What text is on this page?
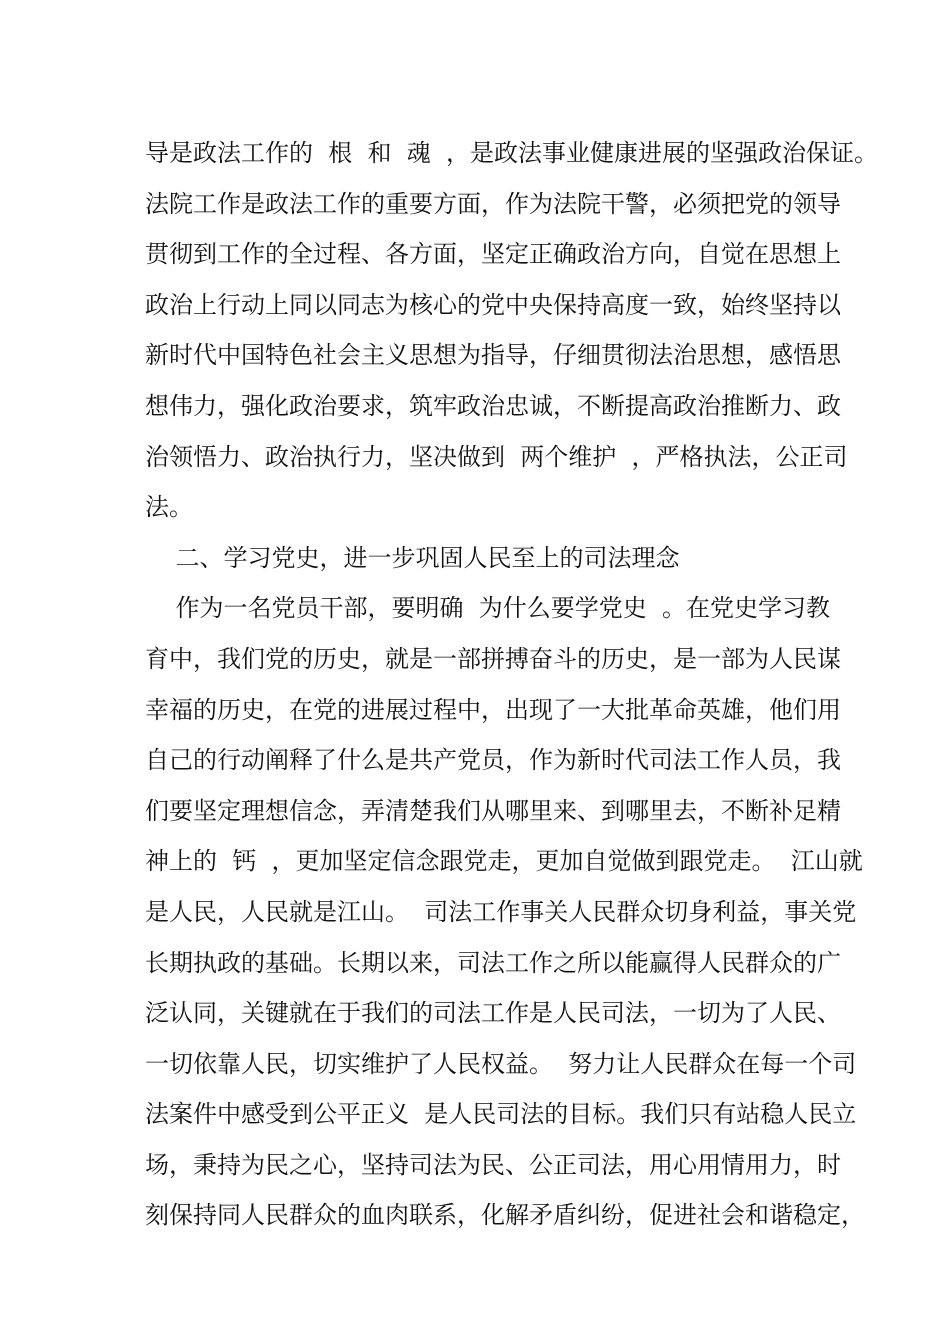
导是政法工作的  根  和  魂  ，是政法事业健康进展的坚强政治保证。
法院工作是政法工作的重要方面，作为法院干警，必须把党的领导
贯彻到工作的全过程、各方面，坚定正确政治方向，自觉在思想上
政治上行动上同以同志为核心的党中央保持高度一致，始终坚持以
新时代中国特色社会主义思想为指导，仔细贯彻法治思想，感悟思
想伟力，强化政治要求，筑牢政治忠诚，不断提高政治推断力、政
治领悟力、政治执行力，坚决做到  两个维护  ，严格执法，公正司
法。
二、学习党史，进一步巩固人民至上的司法理念
作为一名党员干部，要明确  为什么要学党史  。在党史学习教
育中，我们党的历史，就是一部拼搏奋斗的历史，是一部为人民谋
幸福的历史，在党的进展过程中，出现了一大批革命英雄，他们用
自己的行动阐释了什么是共产党员，作为新时代司法工作人员，我
们要坚定理想信念，弄清楚我们从哪里来、到哪里去，不断补足精
神上的  钙  ，更加坚定信念跟党走，更加自觉做到跟党走。  江山就
是人民，人民就是江山。  司法工作事关人民群众切身利益，事关党
长期执政的基础。长期以来，司法工作之所以能赢得人民群众的广
泛认同，关键就在于我们的司法工作是人民司法，一切为了人民、
一切依靠人民，切实维护了人民权益。  努力让人民群众在每一个司
法案件中感受到公平正义  是人民司法的目标。我们只有站稳人民立
场，秉持为民之心，坚持司法为民、公正司法，用心用情用力，时
刻保持同人民群众的血肉联系，化解矛盾纠纷，促进社会和谐稳定，
